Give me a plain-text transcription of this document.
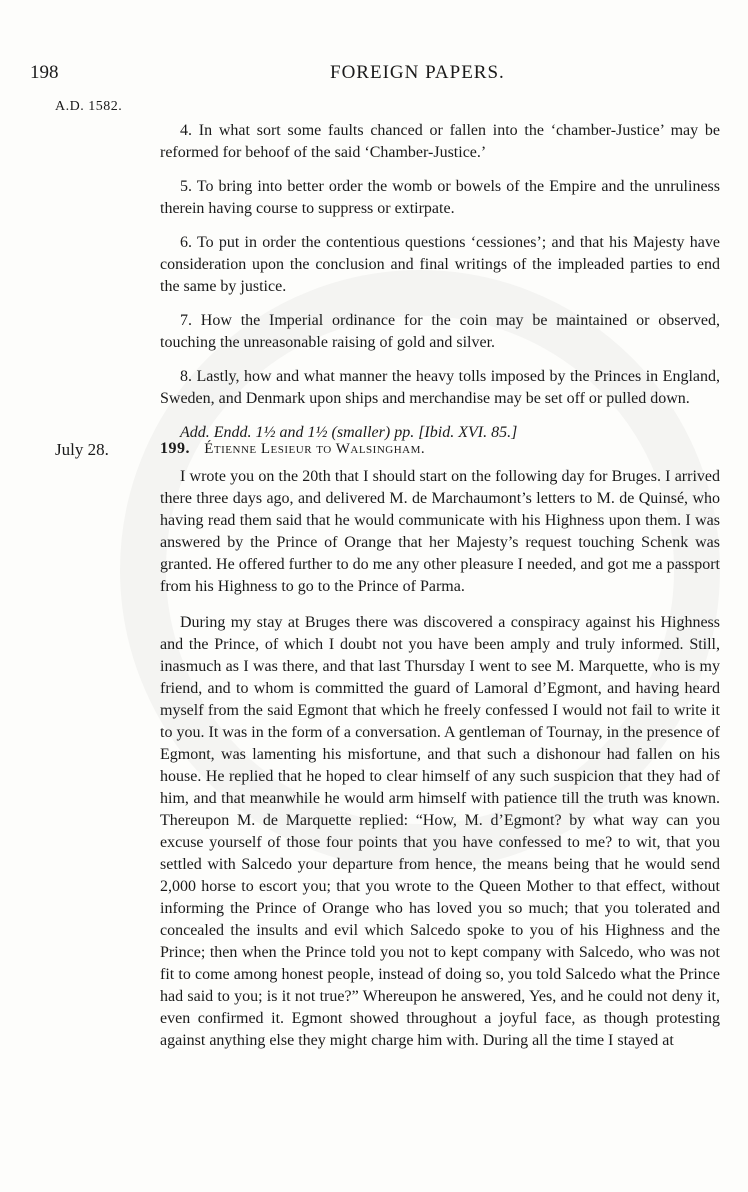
198	FOREIGN PAPERS.
A.D. 1582.

4. In what sort some faults chanced or fallen into the ‘chamber-Justice’ may be reformed for behoof of the said ‘Chamber-Justice.’

5. To bring into better order the womb or bowels of the Empire and the unruliness therein having course to suppress or extirpate.

6. To put in order the contentious questions ‘cessiones’; and that his Majesty have consideration upon the conclusion and final writings of the impleaded parties to end the same by justice.

7. How the Imperial ordinance for the coin may be maintained or observed, touching the unreasonable raising of gold and silver.

8. Lastly, how and what manner the heavy tolls imposed by the Princes in England, Sweden, and Denmark upon ships and merchandise may be set off or pulled down.

Add. Endd. 1½ and 1½ (smaller) pp. [Ibid. XVI. 85.]

July 28.	199. Étienne Lesieur to Walsingham.

I wrote you on the 20th that I should start on the following day for Bruges. I arrived there three days ago, and delivered M. de Marchaumont’s letters to M. de Quinsé, who having read them said that he would communicate with his Highness upon them. I was answered by the Prince of Orange that her Majesty’s request touching Schenk was granted. He offered further to do me any other pleasure I needed, and got me a passport from his Highness to go to the Prince of Parma.

During my stay at Bruges there was discovered a conspiracy against his Highness and the Prince, of which I doubt not you have been amply and truly informed. Still, inasmuch as I was there, and that last Thursday I went to see M. Marquette, who is my friend, and to whom is committed the guard of Lamoral d’Egmont, and having heard myself from the said Egmont that which he freely confessed I would not fail to write it to you. It was in the form of a conversation. A gentleman of Tournay, in the presence of Egmont, was lamenting his misfortune, and that such a dishonour had fallen on his house. He replied that he hoped to clear himself of any such suspicion that they had of him, and that meanwhile he would arm himself with patience till the truth was known. Thereupon M. de Marquette replied: “How, M. d’Egmont? by what way can you excuse yourself of those four points that you have confessed to me? to wit, that you settled with Salcedo your departure from hence, the means being that he would send 2,000 horse to escort you; that you wrote to the Queen Mother to that effect, without informing the Prince of Orange who has loved you so much; that you tolerated and concealed the insults and evil which Salcedo spoke to you of his Highness and the Prince; then when the Prince told you not to kept company with Salcedo, who was not fit to come among honest people, instead of doing so, you told Salcedo what the Prince had said to you; is it not true?” Whereupon he answered, Yes, and he could not deny it, even confirmed it. Egmont showed throughout a joyful face, as though protesting against anything else they might charge him with. During all the time I stayed at
